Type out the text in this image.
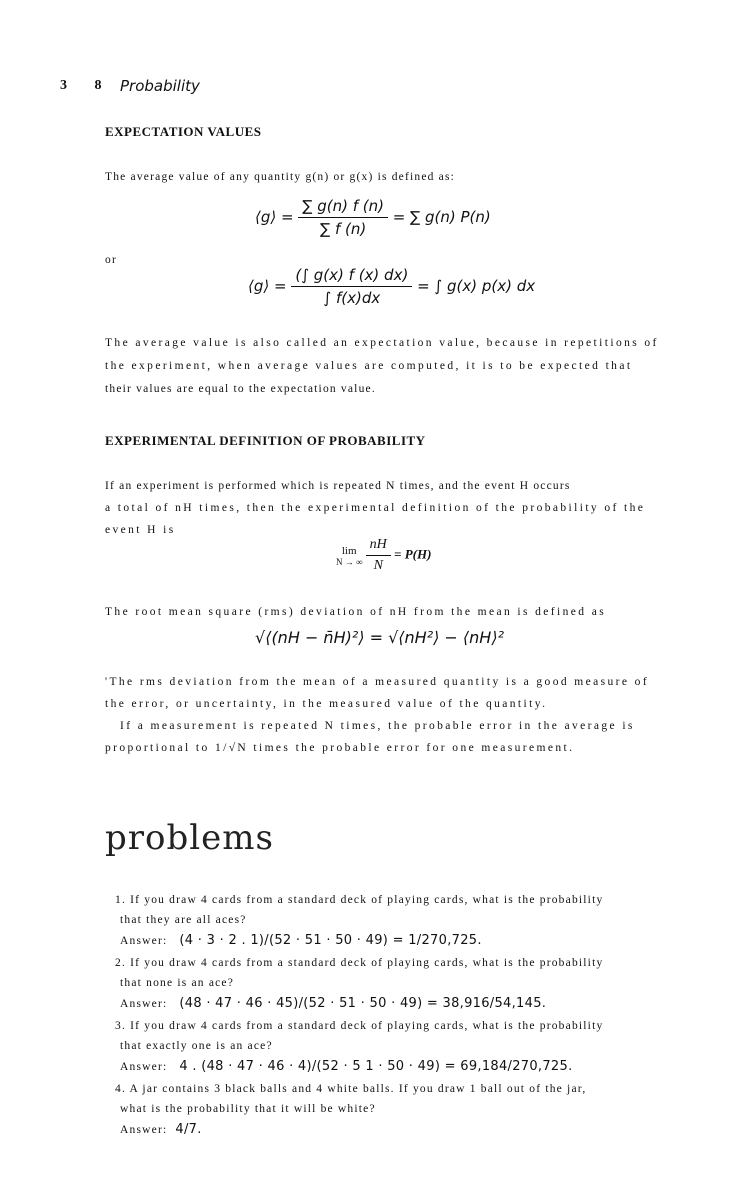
3 8 Probability
EXPECTATION VALUES
The average value of any quantity g(n) or g(x) is defined as:
⟨g⟩ = $\frac{\sum g(n) f (n)}{\sum f (n)}$ = ∑ g(n) P(n)
or
⟨g⟩ = $\frac{(\int g(x) f (x) dx)}{\int f(x)dx}$ = ∫ g(x) p(x) dx
The average value is also called an expectation value, because in repetitions of
the experiment, when average values are computed, it is to be expected that
their values are equal to the expectation value.
EXPERIMENTAL DEFINITION OF PROBABILITY
If an experiment is performed which is repeated N times, and the event H occurs
a total of nH times, then the experimental definition of the probability of the
event H is
lim
N → ∞
$\frac{nH}{N} = P(H)$
The root mean square (rms) deviation of nH from the mean is defined as
√⟨(nH − n̄H)²⟩ = √⟨nH²⟩ − ⟨nH⟩²
'The rms deviation from the mean of a measured quantity is a good measure of
the error, or uncertainty, in the measured value of the quantity.
If a measurement is repeated N times, the probable error in the average is
proportional to 1/√N times the probable error for one measurement.
problems
1. If you draw 4 cards from a standard deck of playing cards, what is the probability
that they are all aces?
Answer: (4 · 3 · 2 . 1)/(52 · 51 · 50 · 49) = 1/270,725.
2. If you draw 4 cards from a standard deck of playing cards, what is the probability
that none is an ace?
Answer: (48 · 47 · 46 · 45)/(52 · 51 · 50 · 49) = 38,916/54,145.
3. If you draw 4 cards from a standard deck of playing cards, what is the probability
that exactly one is an ace?
Answer: 4 . (48 · 47 · 46 · 4)/(52 · 5 1 · 50 · 49) = 69,184/270,725.
4. A jar contains 3 black balls and 4 white balls. If you draw 1 ball out of the jar,
what is the probability that it will be white?
Answer: 4/7.
